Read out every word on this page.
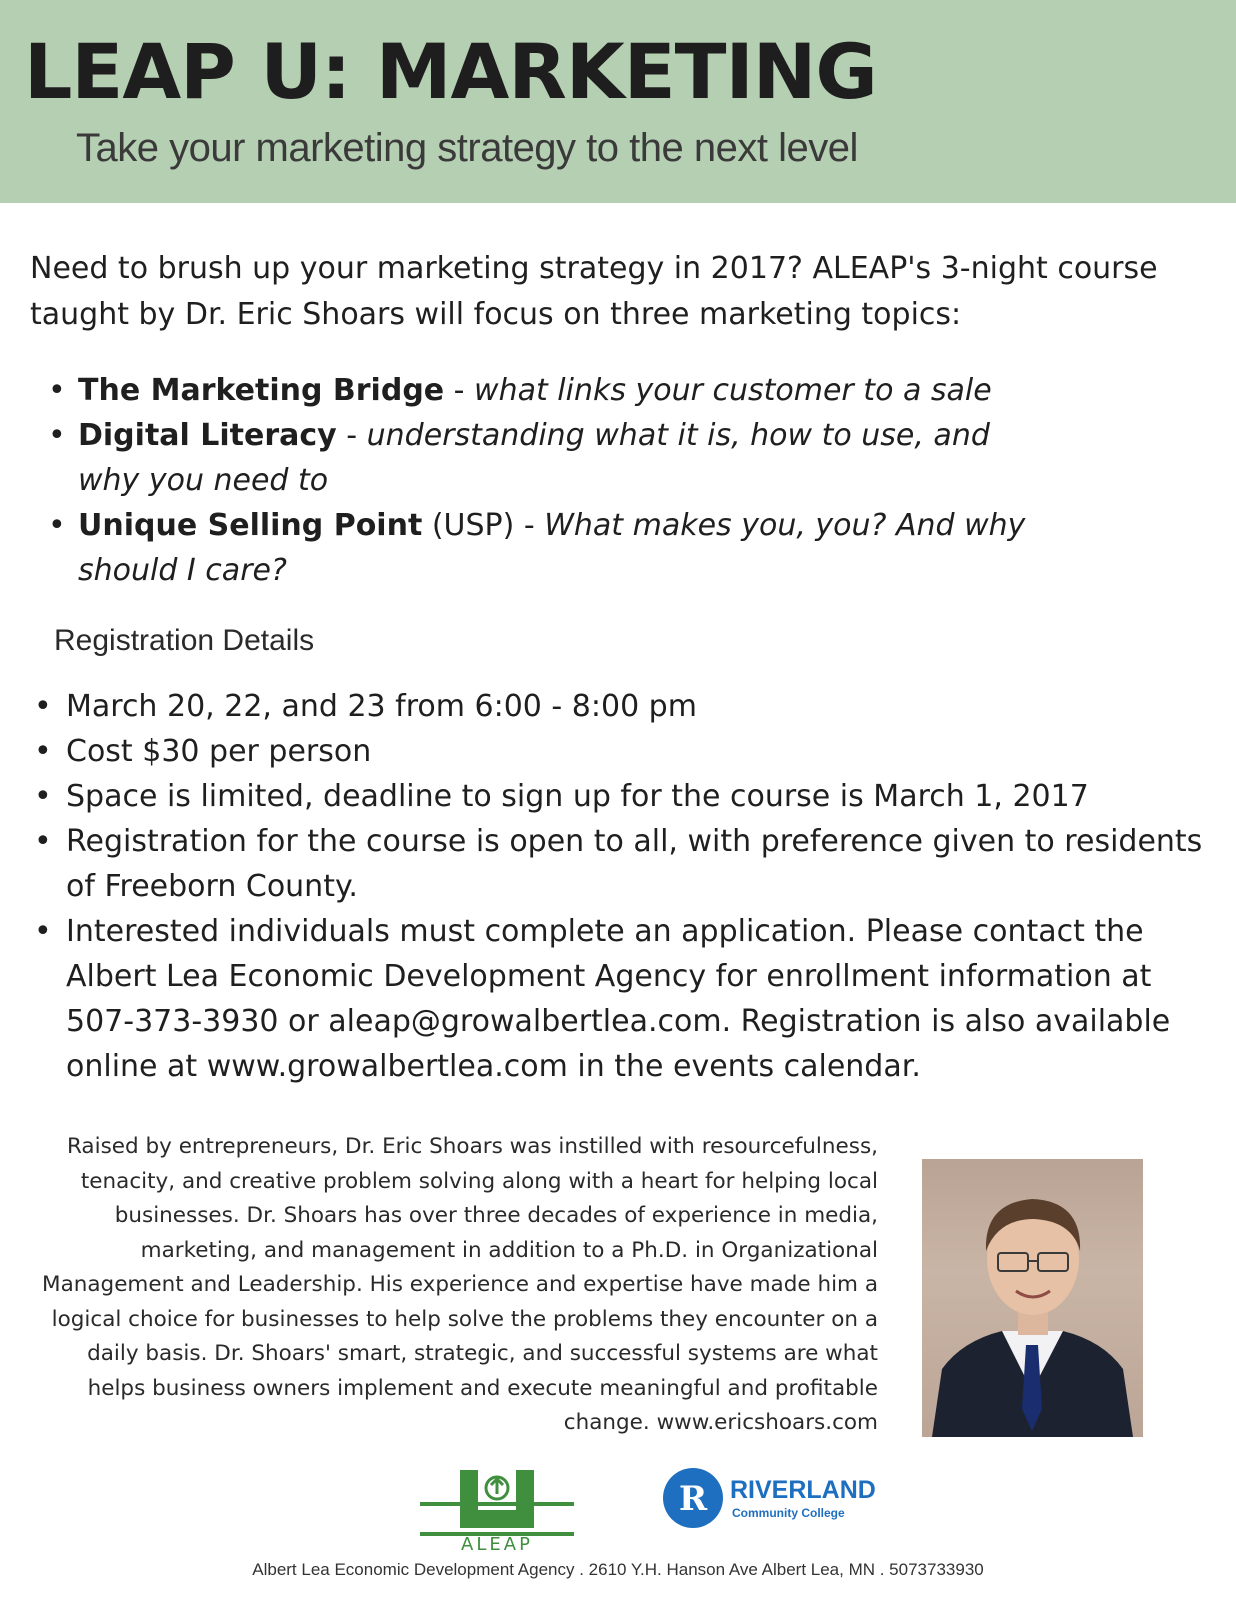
LEAP U: MARKETING
Take your marketing strategy to the next level

Need to brush up your marketing strategy in 2017? ALEAP's 3-night course taught by Dr. Eric Shoars will focus on three marketing topics:

• The Marketing Bridge - what links your customer to a sale
• Digital Literacy - understanding what it is, how to use, and why you need to
• Unique Selling Point (USP) - What makes you, you? And why should I care?
Registration Details
• March 20, 22, and 23 from 6:00 - 8:00 pm
• Cost $30 per person
• Space is limited, deadline to sign up for the course is March 1, 2017
• Registration for the course is open to all, with preference given to residents of Freeborn County.
• Interested individuals must complete an application. Please contact the Albert Lea Economic Development Agency for enrollment information at 507-373-3930 or aleap@growalbertlea.com. Registration is also available online at www.growalbertlea.com in the events calendar.

Raised by entrepreneurs, Dr. Eric Shoars was instilled with resourcefulness, tenacity, and creative problem solving along with a heart for helping local businesses. Dr. Shoars has over three decades of experience in media, marketing, and management in addition to a Ph.D. in Organizational Management and Leadership. His experience and expertise have made him a logical choice for businesses to help solve the problems they encounter on a daily basis. Dr. Shoars' smart, strategic, and successful systems are what helps business owners implement and execute meaningful and profitable change. www.ericshoars.com

ALEAP
R RIVERLAND
Community College
Albert Lea Economic Development Agency . 2610 Y.H. Hanson Ave Albert Lea, MN . 5073733930
